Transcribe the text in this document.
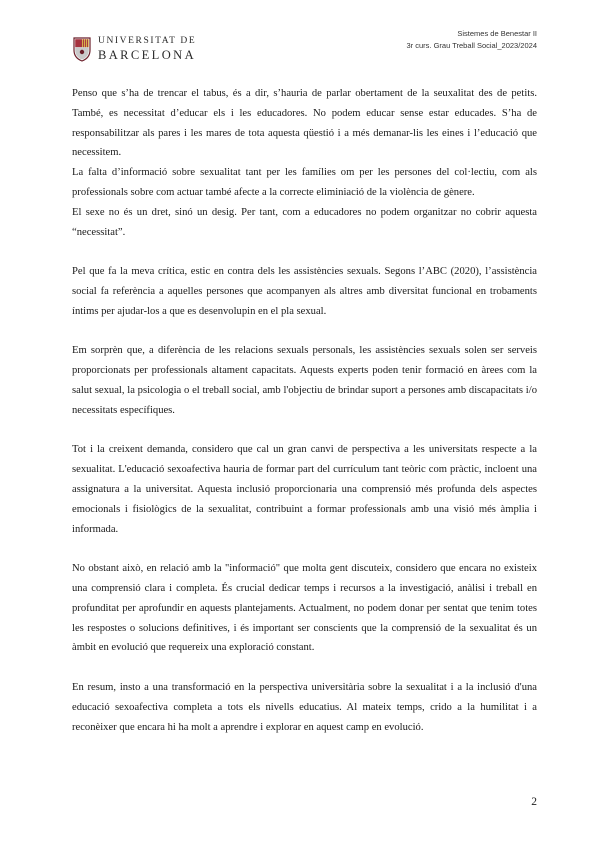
UNIVERSITAT DE
BARCELONA
Sistemes de Benestar II
3r curs. Grau Treball Social_2023/2024

Penso que s’ha de trencar el tabus, és a dir, s’hauria de parlar obertament de la seuxalitat des de petits. També, es necessitat d’educar els i les educadores. No podem educar sense estar educades. S’ha de responsabilitzar als pares i les mares de tota aquesta qüestió i a més demanar-lis les eines i l’educació que necessitem.

La falta d’informació sobre sexualitat tant per les famílies om per les persones del col·lectiu, com als professionals sobre com actuar també afecte a la correcte eliminiació de la violència de gènere.

El sexe no és un dret, sinó un desig. Per tant, com a educadores no podem organitzar no cobrir aquesta “necessitat”.

Pel que fa la meva crítica, estic en contra dels les assistències sexuals. Segons l’ABC (2020), l’assistència social fa referència a aquelles persones que acompanyen als altres amb diversitat funcional en trobaments íntims per ajudar-los a que es desenvolupin en el pla sexual.

Em sorprèn que, a diferència de les relacions sexuals personals, les assistències sexuals solen ser serveis proporcionats per professionals altament capacitats. Aquests experts poden tenir formació en àrees com la salut sexual, la psicologia o el treball social, amb l'objectiu de brindar suport a persones amb discapacitats i/o necessitats específiques.

Tot i la creixent demanda, considero que cal un gran canvi de perspectiva a les universitats respecte a la sexualitat. L'educació sexoafectiva hauria de formar part del currículum tant teòric com pràctic, incloent una assignatura a la universitat. Aquesta inclusió proporcionaria una comprensió més profunda dels aspectes emocionals i fisiològics de la sexualitat, contribuint a formar professionals amb una visió més àmplia i informada.

No obstant això, en relació amb la "informació" que molta gent discuteix, considero que encara no existeix una comprensió clara i completa. És crucial dedicar temps i recursos a la investigació, anàlisi i treball en profunditat per aprofundir en aquests plantejaments. Actualment, no podem donar per sentat que tenim totes les respostes o solucions definitives, i és important ser conscients que la comprensió de la sexualitat és un àmbit en evolució que requereix una exploració constant.

En resum, insto a una transformació en la perspectiva universitària sobre la sexualitat i a la inclusió d'una educació sexoafectiva completa a tots els nivells educatius. Al mateix temps, crido a la humilitat i a reconèixer que encara hi ha molt a aprendre i explorar en aquest camp en evolució.

2
